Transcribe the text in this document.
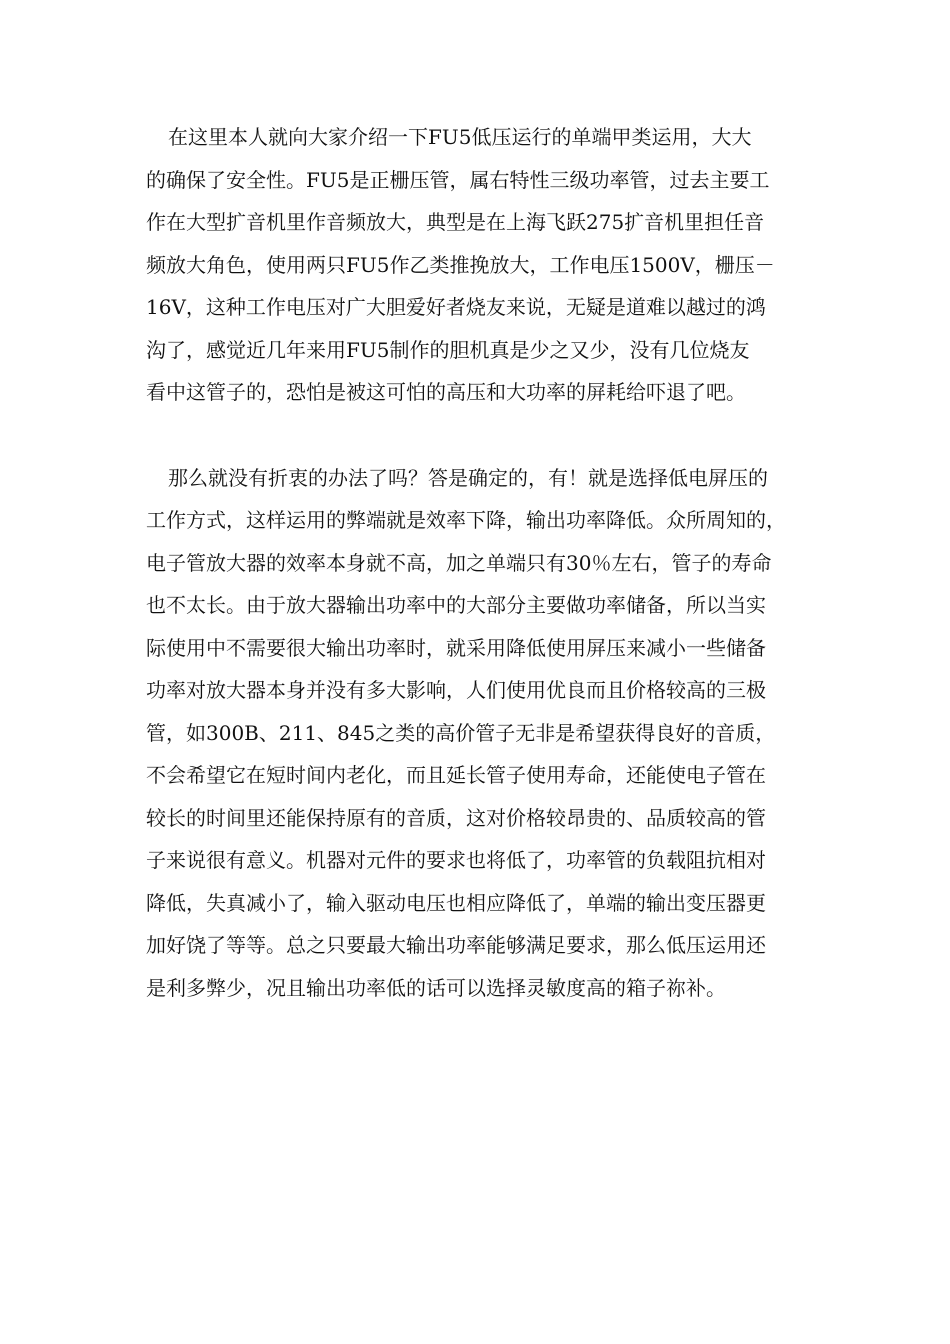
在这里本人就向大家介绍一下FU5低压运行的单端甲类运用，大大
的确保了安全性。FU5是正栅压管，属右特性三级功率管，过去主要工
作在大型扩音机里作音频放大，典型是在上海飞跃275扩音机里担任音
频放大角色，使用两只FU5作乙类推挽放大，工作电压1500V，栅压－
16V，这种工作电压对广大胆爱好者烧友来说，无疑是道难以越过的鸿
沟了，感觉近几年来用FU5制作的胆机真是少之又少，没有几位烧友
看中这管子的，恐怕是被这可怕的高压和大功率的屏耗给吓退了吧。

那么就没有折衷的办法了吗？答是确定的，有！就是选择低电屏压的
工作方式，这样运用的弊端就是效率下降，输出功率降低。众所周知的，
电子管放大器的效率本身就不高，加之单端只有30％左右，管子的寿命
也不太长。由于放大器输出功率中的大部分主要做功率储备，所以当实
际使用中不需要很大输出功率时，就采用降低使用屏压来减小一些储备
功率对放大器本身并没有多大影响，人们使用优良而且价格较高的三极
管，如300B、211、845之类的高价管子无非是希望获得良好的音质，
不会希望它在短时间内老化，而且延长管子使用寿命，还能使电子管在
较长的时间里还能保持原有的音质，这对价格较昂贵的、品质较高的管
子来说很有意义。机器对元件的要求也将低了，功率管的负载阻抗相对
降低，失真减小了，输入驱动电压也相应降低了，单端的输出变压器更
加好饶了等等。总之只要最大输出功率能够满足要求，那么低压运用还
是利多弊少，况且输出功率低的话可以选择灵敏度高的箱子祢补。
